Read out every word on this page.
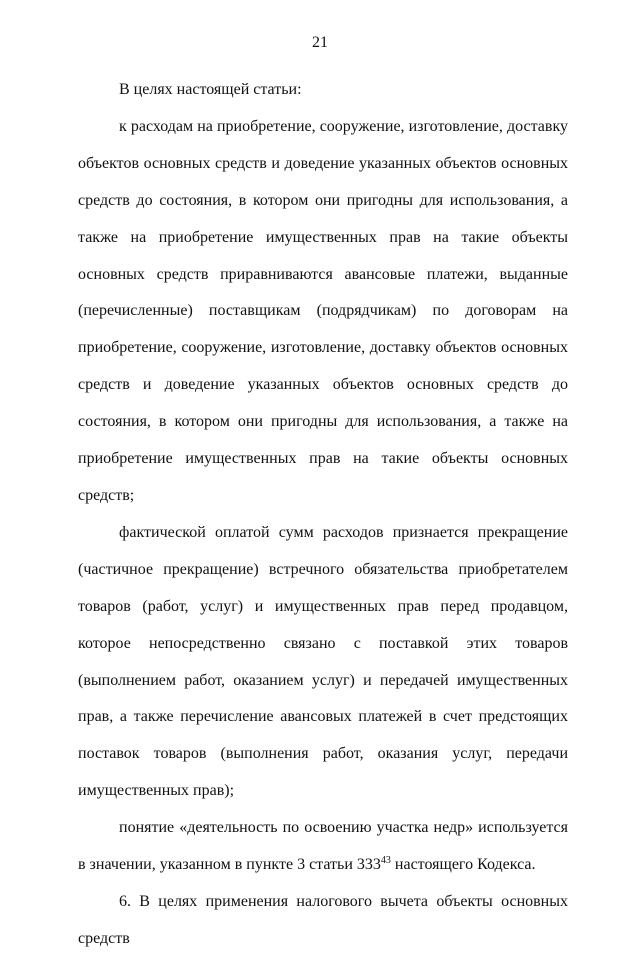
21

В целях настоящей статьи:

к расходам на приобретение, сооружение, изготовление, доставку объектов основных средств и доведение указанных объектов основных средств до состояния, в котором они пригодны для использования, а также на приобретение имущественных прав на такие объекты основных средств приравниваются авансовые платежи, выданные (перечисленные) поставщикам (подрядчикам) по договорам на приобретение, сооружение, изготовление, доставку объектов основных средств и доведение указанных объектов основных средств до состояния, в котором они пригодны для использования, а также на приобретение имущественных прав на такие объекты основных средств;

фактической оплатой сумм расходов признается прекращение (частичное прекращение) встречного обязательства приобретателем товаров (работ, услуг) и имущественных прав перед продавцом, которое непосредственно связано с поставкой этих товаров (выполнением работ, оказанием услуг) и передачей имущественных прав, а также перечисление авансовых платежей в счет предстоящих поставок товаров (выполнения работ, оказания услуг, передачи имущественных прав);

понятие «деятельность по освоению участка недр» используется в значении, указанном в пункте 3 статьи $333^{43}$ настоящего Кодекса.

6. В целях применения налогового вычета объекты основных средств
